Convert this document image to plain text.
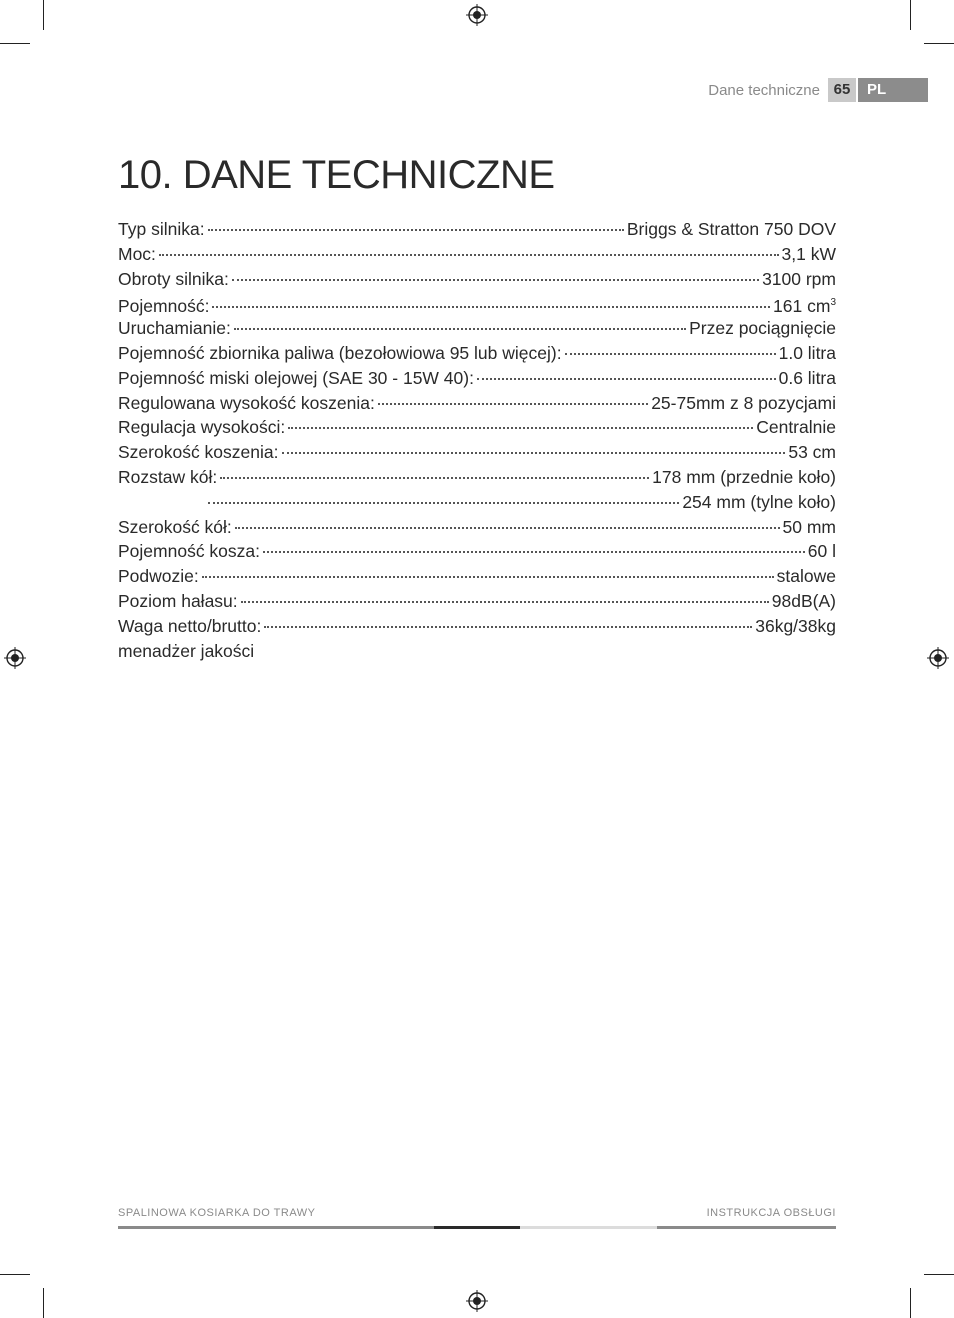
Dane techniczne 65	PL
10. DANE TECHNICZNE
Typ silnika:	Briggs & Stratton 750 DOV
Moc:	3,1 kW
Obroty silnika:	3100 rpm
Pojemność:	161 $cm^3$
Uruchamianie:	Przez pociągnięcie
Pojemność zbiornika paliwa (bezołowiowa 95 lub więcej):	1.0 litra
Pojemność miski olejowej (SAE 30 - 15W 40):	0.6 litra
Regulowana wysokość koszenia:	25-75mm z 8 pozycjami
Regulacja wysokości:	Centralnie
Szerokość koszenia:	53 cm
Rozstaw kół:	178 mm (przednie koło)
254 mm (tylne koło)
Szerokość kół:	50 mm
Pojemność kosza:	60 l
Podwozie:	stalowe
Poziom hałasu:	98dB(A)
Waga netto/brutto:	36kg/38kg
menadżer jakości
SPALINOWA KOSIARKA DO TRAWY	INSTRUKCJA OBSŁUGI
